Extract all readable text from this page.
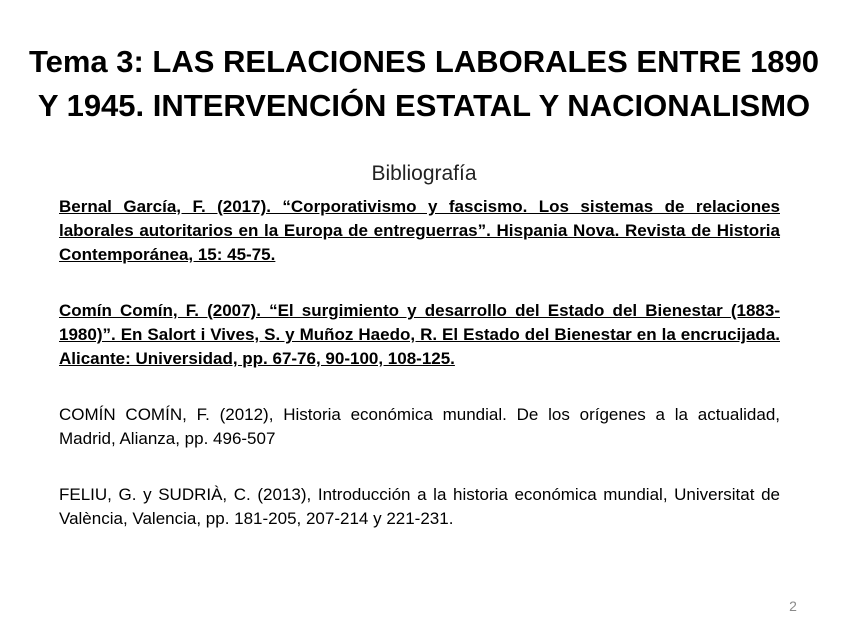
Tema 3: LAS RELACIONES LABORALES ENTRE 1890 Y 1945. INTERVENCIÓN ESTATAL Y NACIONALISMO
Bibliografía

Bernal García, F. (2017). “Corporativismo y fascismo. Los sistemas de relaciones laborales autoritarios en la Europa de entreguerras”. Hispania Nova. Revista de Historia Contemporánea, 15: 45-75.

Comín Comín, F. (2007). “El surgimiento y desarrollo del Estado del Bienestar (1883-1980)”. En Salort i Vives, S. y Muñoz Haedo, R. El Estado del Bienestar en la encrucijada. Alicante: Universidad, pp. 67-76, 90-100, 108-125.

COMÍN COMÍN, F. (2012), Historia económica mundial. De los orígenes a la actualidad, Madrid, Alianza, pp. 496-507

FELIU, G. y SUDRIÀ, C. (2013), Introducción a la historia económica mundial, Universitat de València, Valencia, pp. 181-205, 207-214 y 221-231.

2
